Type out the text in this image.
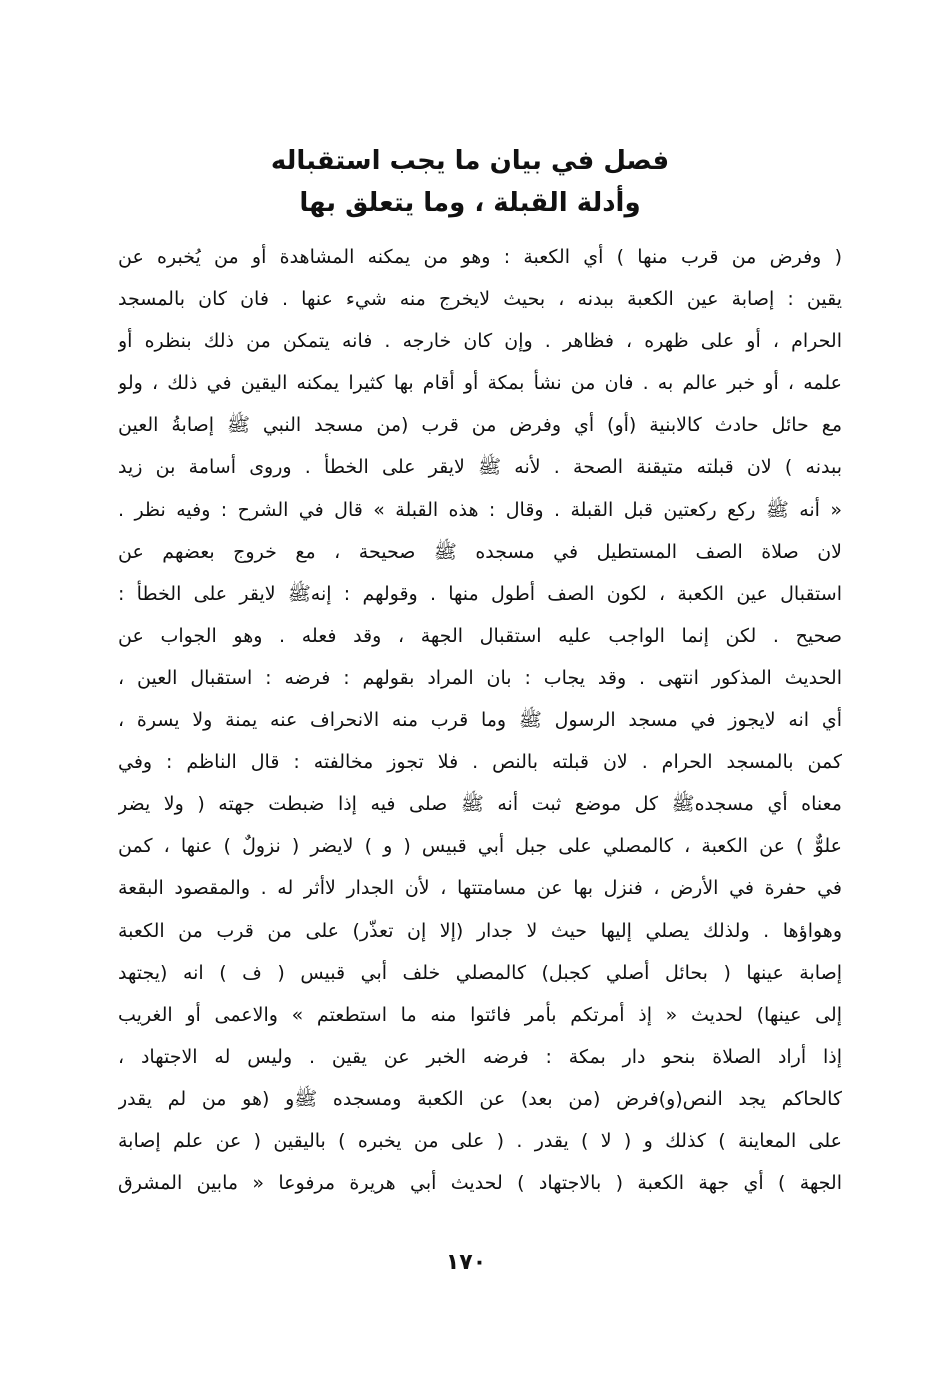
فصل في بيان ما يجب استقباله
وأدلة القبلة ، وما يتعلق بها
( وفرض من قرب منها ) أي الكعبة : وهو من يمكنه المشاهدة أو من يُخبره عن
يقين : إصابة عين الكعبة ببدنه ، بحيث لايخرج منه شيء عنها . فان كان بالمسجد
الحرام ، أو على ظهره ، فظاهر . وإن كان خارجه . فانه يتمكن من ذلك بنظره أو
علمه ، أو خبر عالم به . فان من نشأ بمكة أو أقام بها كثيرا يمكنه اليقين في ذلك ، ولو
مع حائل حادث كالابنية (أو) أي وفرض من قرب (من مسجد النبي ﷺ إصابةُ العين
ببدنه ) لان قبلته متيقنة الصحة . لأنه ﷺ لايقر على الخطأ . وروى أسامة بن زيد
« أنه ﷺ ركع ركعتين قبل القبلة . وقال : هذه القبلة » قال في الشرح : وفيه نظر .
لان صلاة الصف المستطيل في مسجده ﷺ صحيحة ، مع خروج بعضهم عن
استقبال عين الكعبة ، لكون الصف أطول منها . وقولهم : إنهﷺ لايقر على الخطأ :
صحيح . لكن إنما الواجب عليه استقبال الجهة ، وقد فعله . وهو الجواب عن
الحديث المذكور انتهى . وقد يجاب : بان المراد بقولهم : فرضه : استقبال العين ،
أي انه لايجوز في مسجد الرسول ﷺ وما قرب منه الانحراف عنه يمنة ولا يسرة ،
كمن بالمسجد الحرام . لان قبلته بالنص . فلا تجوز مخالفته : قال الناظم : وفي
معناه أي مسجدهﷺ كل موضع ثبت أنه ﷺ صلى فيه إذا ضبطت جهته ( ولا يضر
علوٌّ ) عن الكعبة ، كالمصلي على جبل أبي قبيس ( و ) لايضر ( نزولٌ ) عنها ، كمن
في حفرة في الأرض ، فنزل بها عن مسامتتها ، لأن الجدار لاأثر له . والمقصود البقعة
وهواؤها . ولذلك يصلي إليها حيث لا جدار (إلا إن تعذّر) على من قرب من الكعبة
إصابة عينها ( بحائل أصلي كجبل) كالمصلي خلف أبي قبيس ( ف ) انه (يجتهد
إلى عينها) لحديث « إذ أمرتكم بأمر فائتوا منه ما استطعتم » والاعمى أو الغريب
إذا أراد الصلاة بنحو دار بمكة : فرضه الخبر عن يقين . وليس له الاجتهاد ،
كالحاكم يجد النص(و)فرض (من بعد) عن الكعبة ومسجده ﷺو (هو من لم يقدر
على المعاينة ) كذلك و ( لا ) يقدر . ( على من يخبره ) باليقين ( عن علم إصابة
الجهة ) أي جهة الكعبة ( بالاجتهاد ) لحديث أبي هريرة مرفوعا « مابين المشرق
١٧٠
